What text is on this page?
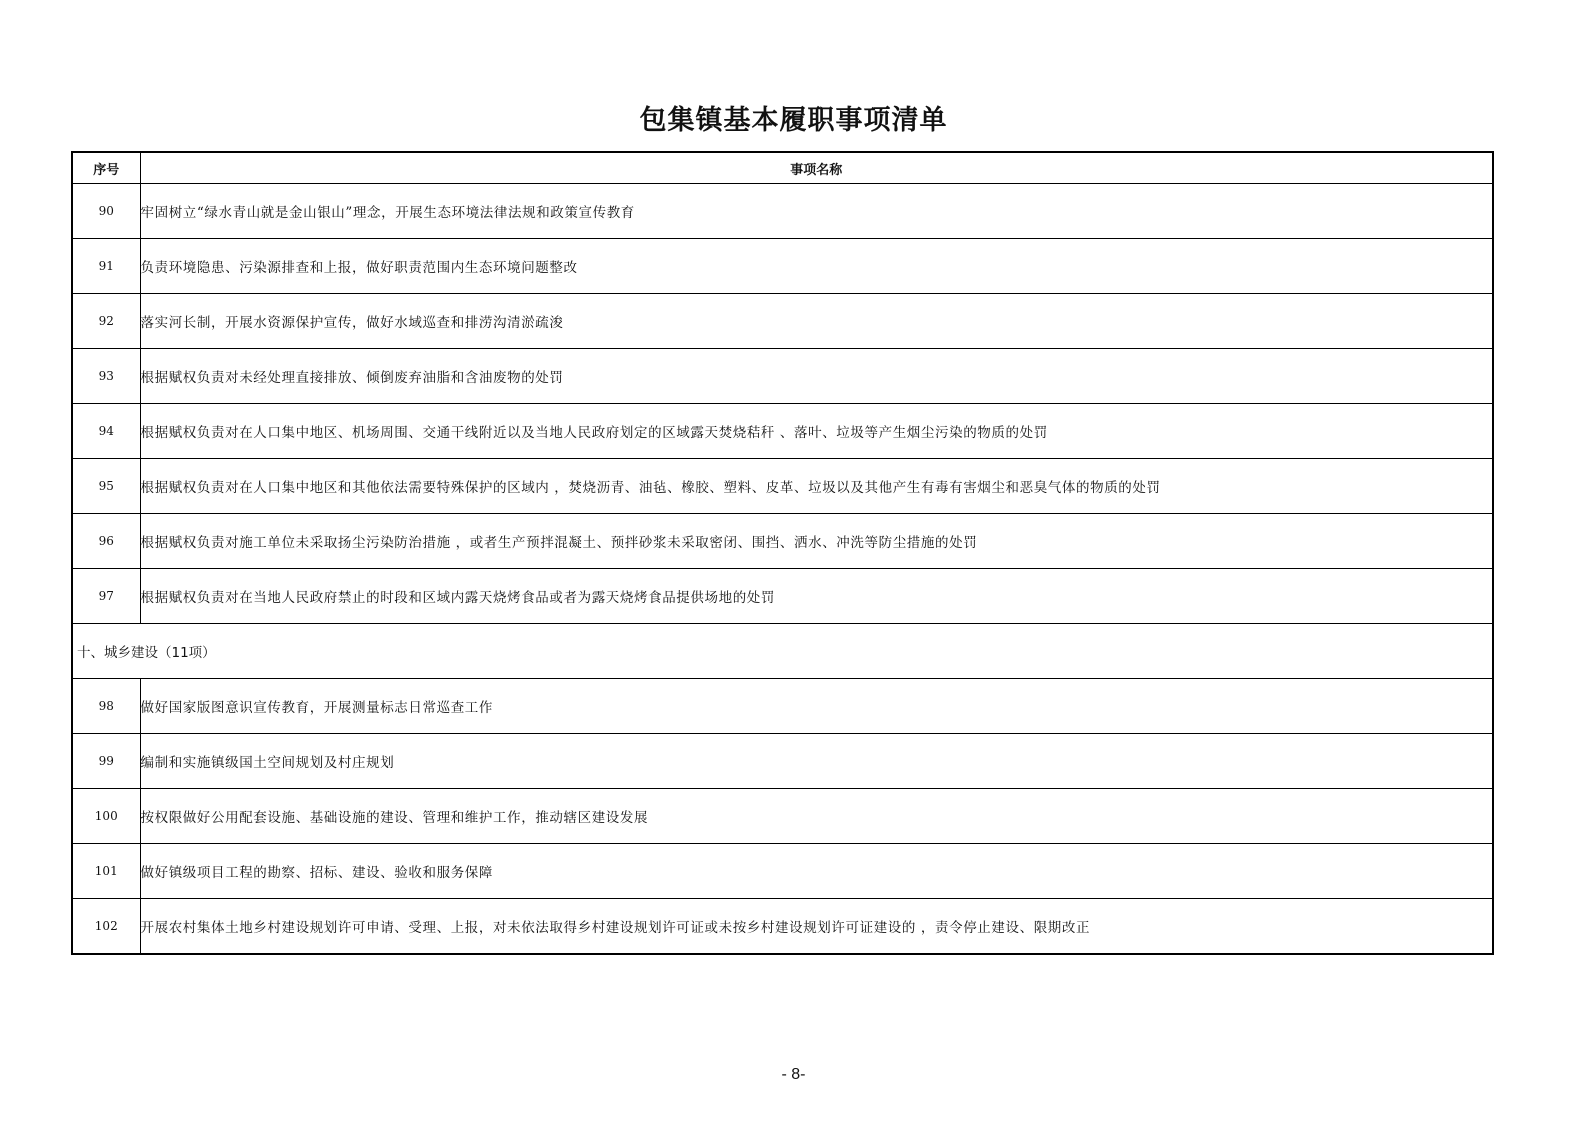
包集镇基本履职事项清单
序号	事项名称
90	牢固树立“绿水青山就是金山银山”理念，开展生态环境法律法规和政策宣传教育
91	负责环境隐患、污染源排查和上报，做好职责范围内生态环境问题整改
92	落实河长制，开展水资源保护宣传，做好水域巡查和排涝沟清淤疏浚
93	根据赋权负责对未经处理直接排放、倾倒废弃油脂和含油废物的处罚
94	根据赋权负责对在人口集中地区、机场周围、交通干线附近以及当地人民政府划定的区域露天焚烧秸秆 、落叶、垃圾等产生烟尘污染的物质的处罚
95	根据赋权负责对在人口集中地区和其他依法需要特殊保护的区域内 ，焚烧沥青、油毡、橡胶、塑料、皮革、垃圾以及其他产生有毒有害烟尘和恶臭气体的物质的处罚
96	根据赋权负责对施工单位未采取扬尘污染防治措施 ，或者生产预拌混凝土、预拌砂浆未采取密闭、围挡、洒水、冲洗等防尘措施的处罚
97	根据赋权负责对在当地人民政府禁止的时段和区域内露天烧烤食品或者为露天烧烤食品提供场地的处罚
十、城乡建设（11项）	
98	做好国家版图意识宣传教育，开展测量标志日常巡查工作
99	编制和实施镇级国土空间规划及村庄规划
100	按权限做好公用配套设施、基础设施的建设、管理和维护工作，推动辖区建设发展
101	做好镇级项目工程的勘察、招标、建设、验收和服务保障
102	开展农村集体土地乡村建设规划许可申请、受理、上报，对未依法取得乡村建设规划许可证或未按乡村建设规划许可证建设的 ，责令停止建设、限期改正
- 8-
